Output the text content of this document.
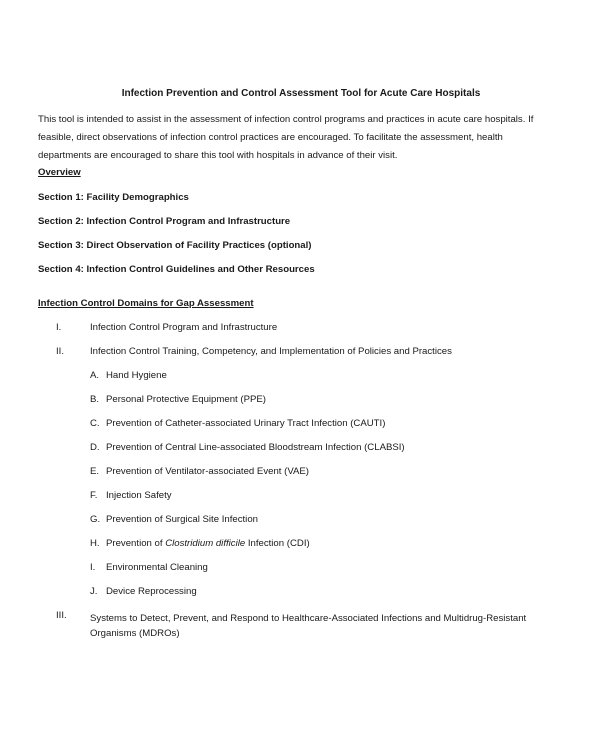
Infection Prevention and Control Assessment Tool for Acute Care Hospitals
This tool is intended to assist in the assessment of infection control programs and practices in acute care hospitals. If feasible, direct observations of infection control practices are encouraged. To facilitate the assessment, health departments are encouraged to share this tool with hospitals in advance of their visit.
Overview
Section 1: Facility Demographics
Section 2: Infection Control Program and Infrastructure
Section 3: Direct Observation of Facility Practices (optional)
Section 4: Infection Control Guidelines and Other Resources
Infection Control Domains for Gap Assessment
I.	Infection Control Program and Infrastructure
II.	Infection Control Training, Competency, and Implementation of Policies and Practices
A. Hand Hygiene
B. Personal Protective Equipment (PPE)
C. Prevention of Catheter-associated Urinary Tract Infection (CAUTI)
D. Prevention of Central Line-associated Bloodstream Infection (CLABSI)
E. Prevention of Ventilator-associated Event (VAE)
F. Injection Safety
G. Prevention of Surgical Site Infection
H. Prevention of Clostridium difficile Infection (CDI)
I.	Environmental Cleaning
J. Device Reprocessing
III.	Systems to Detect, Prevent, and Respond to Healthcare-Associated Infections and Multidrug-Resistant Organisms (MDROs)
